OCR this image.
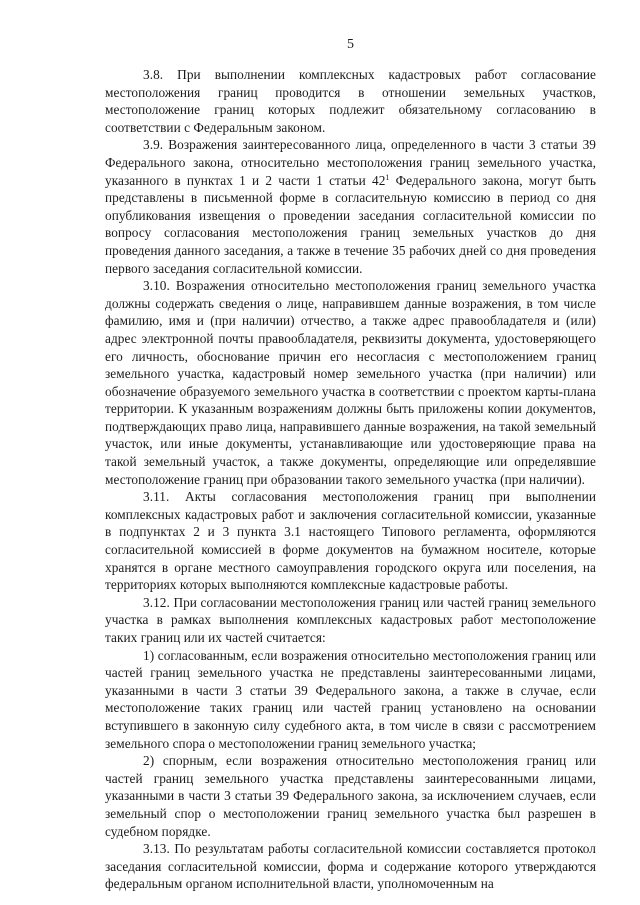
5

3.8. При выполнении комплексных кадастровых работ согласование местоположения границ проводится в отношении земельных участков, местоположение границ которых подлежит обязательному согласованию в соответствии с Федеральным законом.

3.9. Возражения заинтересованного лица, определенного в части 3 статьи 39 Федерального закона, относительно местоположения границ земельного участка, указанного в пунктах 1 и 2 части 1 статьи $42^1$ Федерального закона, могут быть представлены в письменной форме в согласительную комиссию в период со дня опубликования извещения о проведении заседания согласительной комиссии по вопросу согласования местоположения границ земельных участков до дня проведения данного заседания, а также в течение 35 рабочих дней со дня проведения первого заседания согласительной комиссии.

3.10. Возражения относительно местоположения границ земельного участка должны содержать сведения о лице, направившем данные возражения, в том числе фамилию, имя и (при наличии) отчество, а также адрес правообладателя и (или) адрес электронной почты правообладателя, реквизиты документа, удостоверяющего его личность, обоснование причин его несогласия с местоположением границ земельного участка, кадастровый номер земельного участка (при наличии) или обозначение образуемого земельного участка в соответствии с проектом карты-плана территории. К указанным возражениям должны быть приложены копии документов, подтверждающих право лица, направившего данные возражения, на такой земельный участок, или иные документы, устанавливающие или удостоверяющие права на такой земельный участок, а также документы, определяющие или определявшие местоположение границ при образовании такого земельного участка (при наличии).

3.11. Акты согласования местоположения границ при выполнении комплексных кадастровых работ и заключения согласительной комиссии, указанные в подпунктах 2 и 3 пункта 3.1 настоящего Типового регламента, оформляются согласительной комиссией в форме документов на бумажном носителе, которые хранятся в органе местного самоуправления городского округа или поселения, на территориях которых выполняются комплексные кадастровые работы.

3.12. При согласовании местоположения границ или частей границ земельного участка в рамках выполнения комплексных кадастровых работ местоположение таких границ или их частей считается:

1) согласованным, если возражения относительно местоположения границ или частей границ земельного участка не представлены заинтересованными лицами, указанными в части 3 статьи 39 Федерального закона, а также в случае, если местоположение таких границ или частей границ установлено на основании вступившего в законную силу судебного акта, в том числе в связи с рассмотрением земельного спора о местоположении границ земельного участка;

2) спорным, если возражения относительно местоположения границ или частей границ земельного участка представлены заинтересованными лицами, указанными в части 3 статьи 39 Федерального закона, за исключением случаев, если земельный спор о местоположении границ земельного участка был разрешен в судебном порядке.

3.13. По результатам работы согласительной комиссии составляется протокол заседания согласительной комиссии, форма и содержание которого утверждаются федеральным органом исполнительной власти, уполномоченным на
